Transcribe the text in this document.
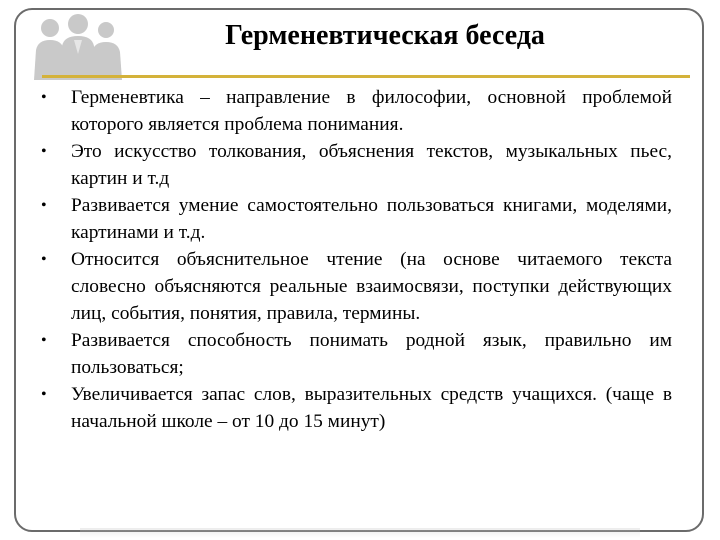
Герменевтическая беседа
• Герменевтика – направление в философии, основной проблемой которого является проблема понимания.
• Это искусство толкования, объяснения текстов, музыкальных пьес, картин и т.д
• Развивается умение самостоятельно пользоваться книгами, моделями, картинами и т.д.
• Относится объяснительное чтение (на основе читаемого текста словесно объясняются реальные взаимосвязи, поступки действующих лиц, события, понятия, правила, термины.
• Развивается способность понимать родной язык, правильно им пользоваться;
• Увеличивается запас слов, выразительных средств учащихся. (чаще в начальной школе – от 10 до 15 минут)
